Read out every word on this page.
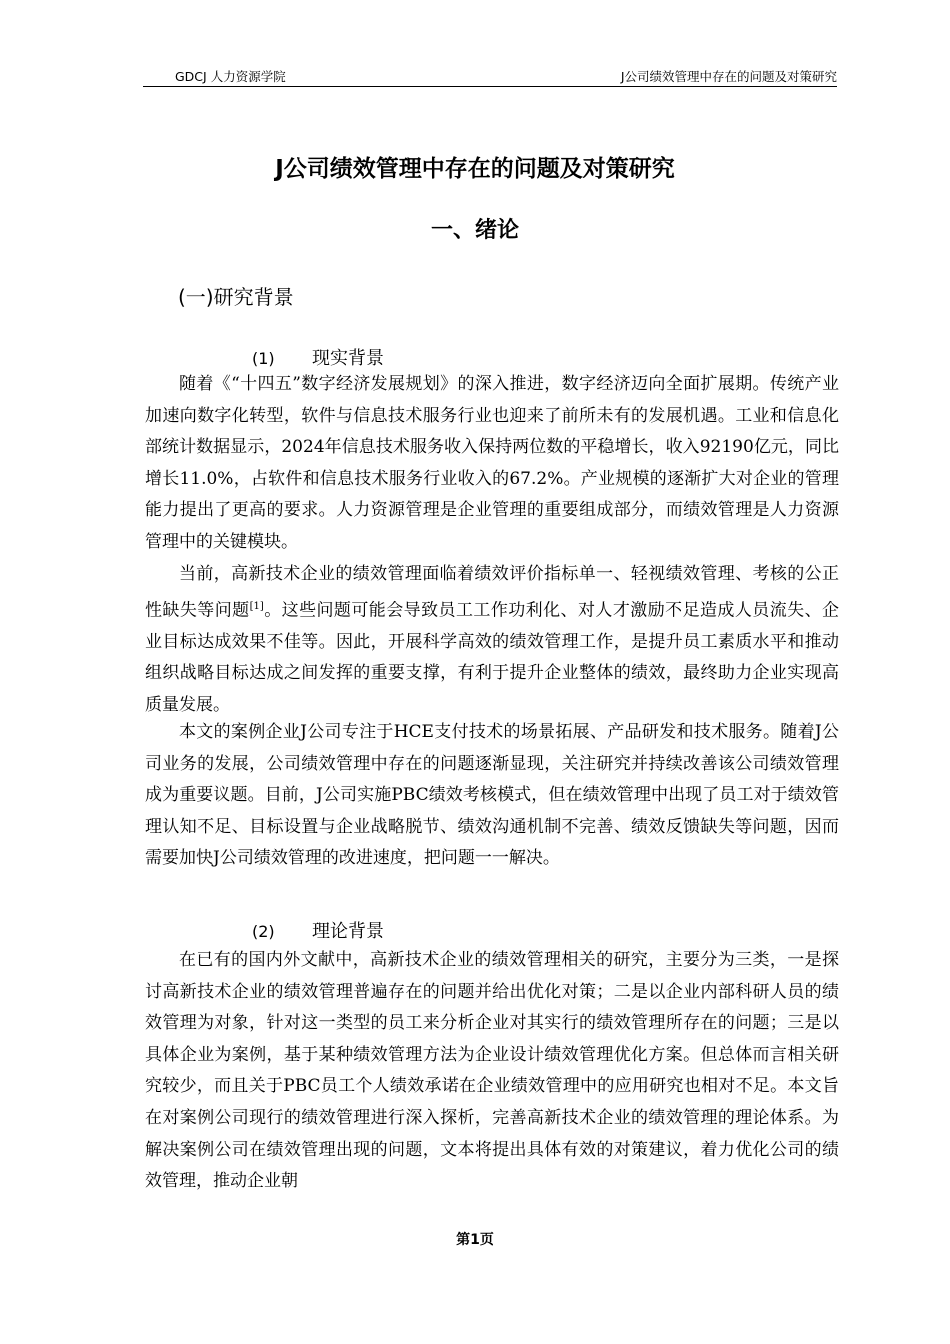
GDCJ 人力资源学院	J公司绩效管理中存在的问题及对策研究
J公司绩效管理中存在的问题及对策研究
一、绪论
(一)研究背景
(1) 现实背景

随着《“十四五”数字经济发展规划》的深入推进，数字经济迈向全面扩展期。传统产业加速向数字化转型，软件与信息技术服务行业也迎来了前所未有的发展机遇。工业和信息化部统计数据显示，2024年信息技术服务收入保持两位数的平稳增长，收入92190亿元，同比增长11.0%，占软件和信息技术服务行业收入的67.2%。产业规模的逐渐扩大对企业的管理能力提出了更高的要求。人力资源管理是企业管理的重要组成部分，而绩效管理是人力资源管理中的关键模块。

当前，高新技术企业的绩效管理面临着绩效评价指标单一、轻视绩效管理、考核的公正性缺失等问题[1]。这些问题可能会导致员工工作功利化、对人才激励不足造成人员流失、企业目标达成效果不佳等。因此，开展科学高效的绩效管理工作，是提升员工素质水平和推动组织战略目标达成之间发挥的重要支撑，有利于提升企业整体的绩效，最终助力企业实现高质量发展。

本文的案例企业J公司专注于HCE支付技术的场景拓展、产品研发和技术服务。随着J公司业务的发展，公司绩效管理中存在的问题逐渐显现，关注研究并持续改善该公司绩效管理成为重要议题。目前，J公司实施PBC绩效考核模式，但在绩效管理中出现了员工对于绩效管理认知不足、目标设置与企业战略脱节、绩效沟通机制不完善、绩效反馈缺失等问题，因而需要加快J公司绩效管理的改进速度，把问题一一解决。

(2) 理论背景

在已有的国内外文献中，高新技术企业的绩效管理相关的研究，主要分为三类，一是探讨高新技术企业的绩效管理普遍存在的问题并给出优化对策；二是以企业内部科研人员的绩效管理为对象，针对这一类型的员工来分析企业对其实行的绩效管理所存在的问题；三是以具体企业为案例，基于某种绩效管理方法为企业设计绩效管理优化方案。但总体而言相关研究较少，而且关于PBC员工个人绩效承诺在企业绩效管理中的应用研究也相对不足。本文旨在对案例公司现行的绩效管理进行深入探析，完善高新技术企业的绩效管理的理论体系。为解决案例公司在绩效管理出现的问题，文本将提出具体有效的对策建议，着力优化公司的绩效管理，推动企业朝

第1页
